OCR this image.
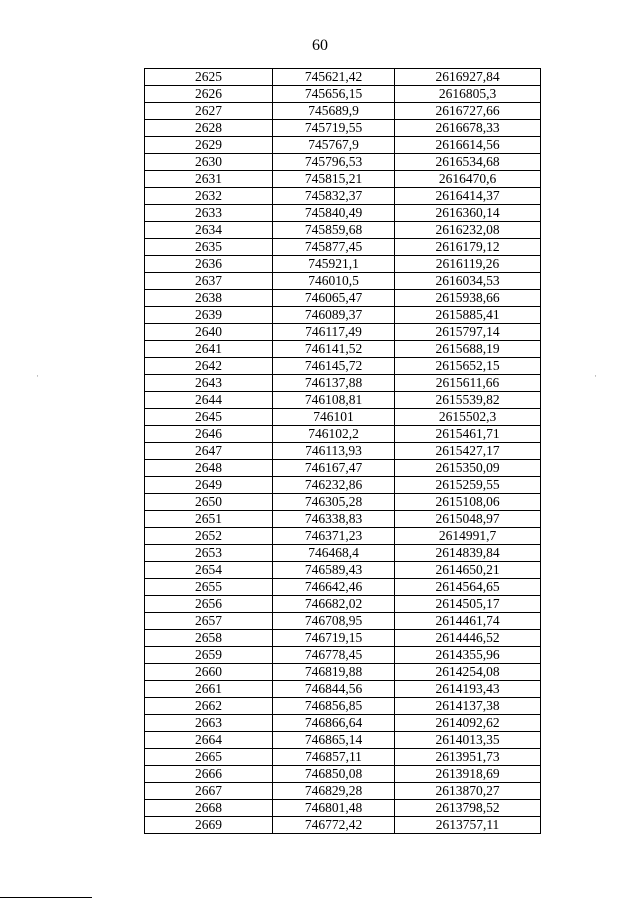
60
2625	745621,42	2616927,84
2626	745656,15	2616805,3
2627	745689,9	2616727,66
2628	745719,55	2616678,33
2629	745767,9	2616614,56
2630	745796,53	2616534,68
2631	745815,21	2616470,6
2632	745832,37	2616414,37
2633	745840,49	2616360,14
2634	745859,68	2616232,08
2635	745877,45	2616179,12
2636	745921,1	2616119,26
2637	746010,5	2616034,53
2638	746065,47	2615938,66
2639	746089,37	2615885,41
2640	746117,49	2615797,14
2641	746141,52	2615688,19
2642	746145,72	2615652,15
2643	746137,88	2615611,66
2644	746108,81	2615539,82
2645	746101	2615502,3
2646	746102,2	2615461,71
2647	746113,93	2615427,17
2648	746167,47	2615350,09
2649	746232,86	2615259,55
2650	746305,28	2615108,06
2651	746338,83	2615048,97
2652	746371,23	2614991,7
2653	746468,4	2614839,84
2654	746589,43	2614650,21
2655	746642,46	2614564,65
2656	746682,02	2614505,17
2657	746708,95	2614461,74
2658	746719,15	2614446,52
2659	746778,45	2614355,96
2660	746819,88	2614254,08
2661	746844,56	2614193,43
2662	746856,85	2614137,38
2663	746866,64	2614092,62
2664	746865,14	2614013,35
2665	746857,11	2613951,73
2666	746850,08	2613918,69
2667	746829,28	2613870,27
2668	746801,48	2613798,52
2669	746772,42	2613757,11
·	·
